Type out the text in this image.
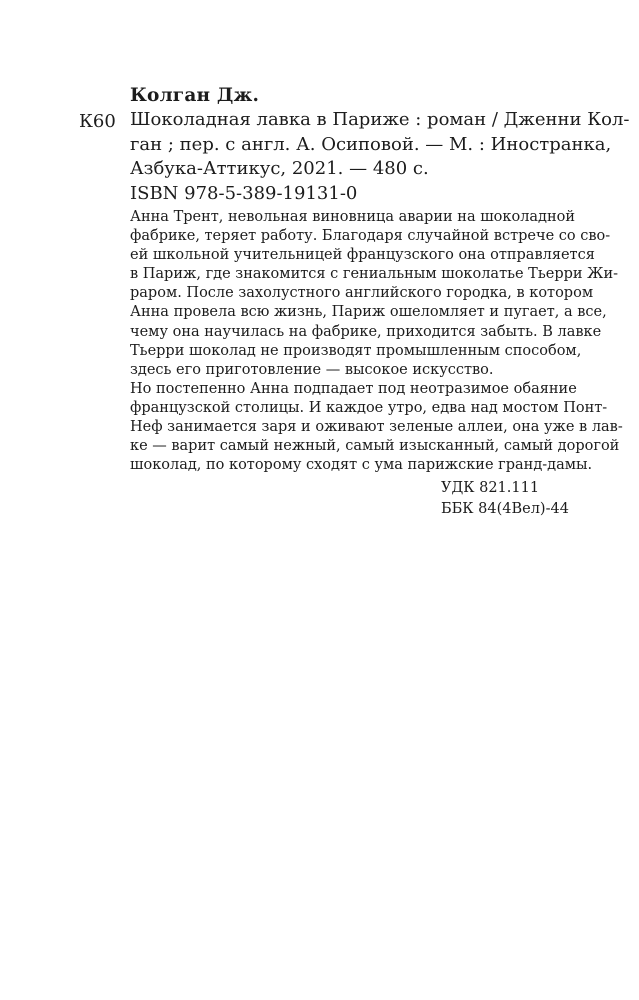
Колган Дж.
К60 Шоколадная лавка в Париже : роман / Дженни Кол-
ган ; пер. с англ. А. Осиповой. — М. : Иностранка,
Азбука-Аттикус, 2021. — 480 с.
ISBN 978-5-389-19131-0
Анна Трент, невольная виновница аварии на шоколадной
фабрике, теряет работу. Благодаря случайной встрече со сво-
ей школьной учительницей французского она отправляется
в Париж, где знакомится с гениальным шоколатье Тьерри Жи-
раром. После захолустного английского городка, в котором
Анна провела всю жизнь, Париж ошеломляет и пугает, а все,
чему она научилась на фабрике, приходится забыть. В лавке
Тьерри шоколад не производят промышленным способом,
здесь его приготовление — высокое искусство.
Но постепенно Анна подпадает под неотразимое обаяние
французской столицы. И каждое утро, едва над мостом Понт-
Неф занимается заря и оживают зеленые аллеи, она уже в лав-
ке — варит самый нежный, самый изысканный, самый дорогой
шоколад, по которому сходят с ума парижские гранд-дамы.
УДК 821.111
ББК 84(4Вел)-44
